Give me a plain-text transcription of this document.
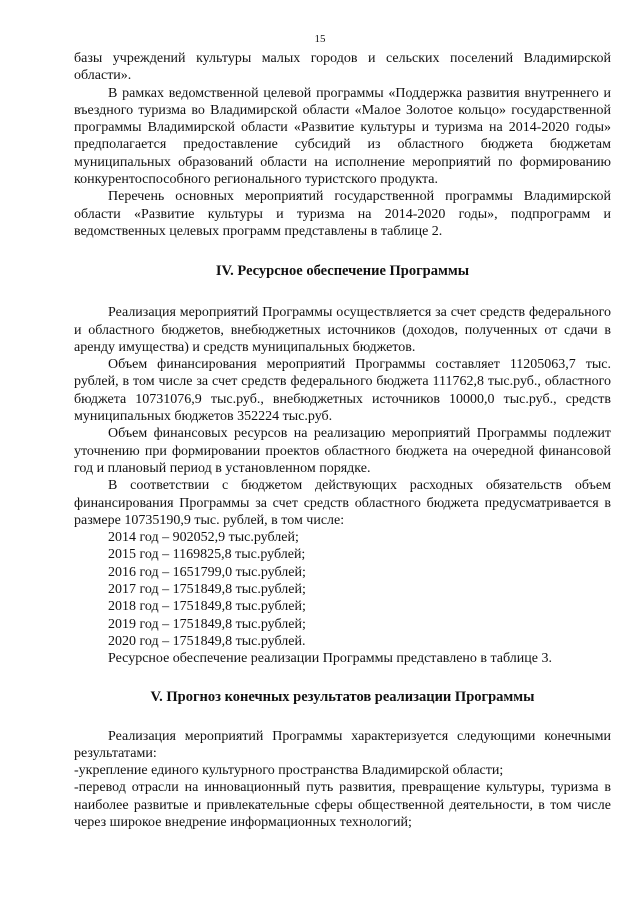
15

базы учреждений культуры малых городов и сельских поселений Владимирской области».

В рамках ведомственной целевой программы «Поддержка развития внутреннего и въездного туризма во Владимирской области «Малое Золотое кольцо» государственной программы Владимирской области «Развитие культуры и туризма на 2014-2020 годы» предполагается предоставление субсидий из областного бюджета бюджетам муниципальных образований области на исполнение мероприятий по формированию конкурентоспособного регионального туристского продукта.

Перечень основных мероприятий государственной программы Владимирской области «Развитие культуры и туризма на 2014-2020 годы», подпрограмм и ведомственных целевых программ представлены в таблице 2.

IV. Ресурсное обеспечение Программы

Реализация мероприятий Программы осуществляется за счет средств федерального и областного бюджетов, внебюджетных источников (доходов, полученных от сдачи в аренду имущества) и средств муниципальных бюджетов.

Объем финансирования мероприятий Программы составляет 11205063,7 тыс. рублей, в том числе за счет средств федерального бюджета 111762,8 тыс.руб., областного бюджета 10731076,9 тыс.руб., внебюджетных источников 10000,0 тыс.руб., средств муниципальных бюджетов 352224 тыс.руб.

Объем финансовых ресурсов на реализацию мероприятий Программы подлежит уточнению при формировании проектов областного бюджета на очередной финансовой год и плановый период в установленном порядке.

В соответствии с бюджетом действующих расходных обязательств объем финансирования Программы за счет средств областного бюджета предусматривается в размере 10735190,9 тыс. рублей, в том числе:

2014 год – 902052,9 тыс.рублей;
2015 год – 1169825,8 тыс.рублей;
2016 год – 1651799,0 тыс.рублей;
2017 год – 1751849,8 тыс.рублей;
2018 год – 1751849,8 тыс.рублей;
2019 год – 1751849,8 тыс.рублей;
2020 год – 1751849,8 тыс.рублей.

Ресурсное обеспечение реализации Программы представлено в таблице 3.

V. Прогноз конечных результатов реализации Программы

Реализация мероприятий Программы характеризуется следующими конечными результатами:

-укрепление единого культурного пространства Владимирской области;

-перевод отрасли на инновационный путь развития, превращение культуры, туризма в наиболее развитые и привлекательные сферы общественной деятельности, в том числе через широкое внедрение информационных технологий;
